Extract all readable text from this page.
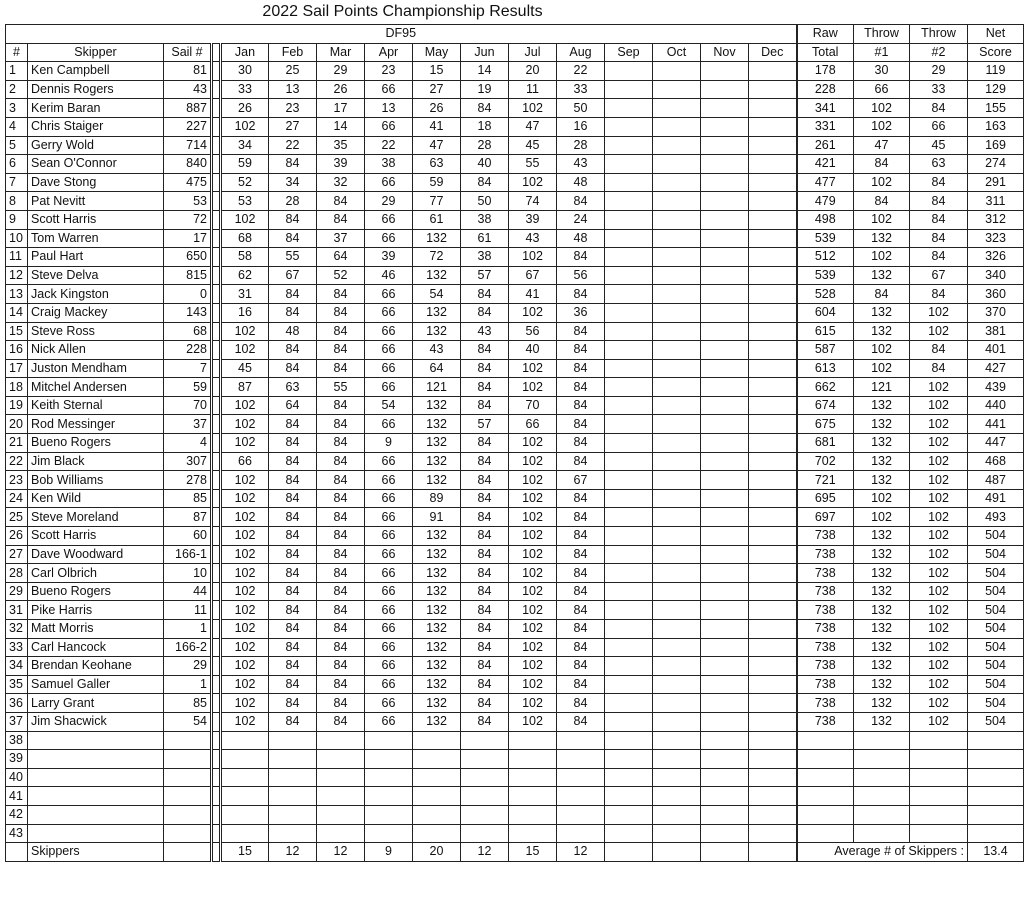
2022 Sail Points Championship Results
DF95																Raw	Throw	Throw	Net
#	Skipper	Sail #		Jan	Feb	Mar	Apr	May	Jun	Jul	Aug	Sep	Oct	Nov	Dec	Total	#1	#2	Score
1	Ken Campbell	81		30	25	29	23	15	14	20	22					178	30	29	119
2	Dennis Rogers	43		33	13	26	66	27	19	11	33					228	66	33	129
3	Kerim Baran	887		26	23	17	13	26	84	102	50					341	102	84	155
4	Chris Staiger	227		102	27	14	66	41	18	47	16					331	102	66	163
5	Gerry Wold	714		34	22	35	22	47	28	45	28					261	47	45	169
6	Sean O'Connor	840		59	84	39	38	63	40	55	43					421	84	63	274
7	Dave Stong	475		52	34	32	66	59	84	102	48					477	102	84	291
8	Pat Nevitt	53		53	28	84	29	77	50	74	84					479	84	84	311
9	Scott Harris	72		102	84	84	66	61	38	39	24					498	102	84	312
10	Tom Warren	17		68	84	37	66	132	61	43	48					539	132	84	323
11	Paul Hart	650		58	55	64	39	72	38	102	84					512	102	84	326
12	Steve Delva	815		62	67	52	46	132	57	67	56					539	132	67	340
13	Jack Kingston	0		31	84	84	66	54	84	41	84					528	84	84	360
14	Craig Mackey	143		16	84	84	66	132	84	102	36					604	132	102	370
15	Steve Ross	68		102	48	84	66	132	43	56	84					615	132	102	381
16	Nick Allen	228		102	84	84	66	43	84	40	84					587	102	84	401
17	Juston Mendham	7		45	84	84	66	64	84	102	84					613	102	84	427
18	Mitchel Andersen	59		87	63	55	66	121	84	102	84					662	121	102	439
19	Keith Sternal	70		102	64	84	54	132	84	70	84					674	132	102	440
20	Rod Messinger	37		102	84	84	66	132	57	66	84					675	132	102	441
21	Bueno Rogers	4		102	84	84	9	132	84	102	84					681	132	102	447
22	Jim Black	307		66	84	84	66	132	84	102	84					702	132	102	468
23	Bob Williams	278		102	84	84	66	132	84	102	67					721	132	102	487
24	Ken Wild	85		102	84	84	66	89	84	102	84					695	102	102	491
25	Steve Moreland	87		102	84	84	66	91	84	102	84					697	102	102	493
26	Scott Harris	60		102	84	84	66	132	84	102	84					738	132	102	504
27	Dave Woodward	166-1		102	84	84	66	132	84	102	84					738	132	102	504
28	Carl Olbrich	10		102	84	84	66	132	84	102	84					738	132	102	504
29	Bueno Rogers	44		102	84	84	66	132	84	102	84					738	132	102	504
31	Pike Harris	11		102	84	84	66	132	84	102	84					738	132	102	504
32	Matt Morris	1		102	84	84	66	132	84	102	84					738	132	102	504
33	Carl Hancock	166-2		102	84	84	66	132	84	102	84					738	132	102	504
34	Brendan Keohane	29		102	84	84	66	132	84	102	84					738	132	102	504
35	Samuel Galler	1		102	84	84	66	132	84	102	84					738	132	102	504
36	Larry Grant	85		102	84	84	66	132	84	102	84					738	132	102	504
37	Jim Shacwick	54		102	84	84	66	132	84	102	84					738	132	102	504
38																			
39																			
40																			
41																			
42																			
43																			
	Skippers			15	12	12	9	20	12	15	12					Average # of Skippers :			13.4
